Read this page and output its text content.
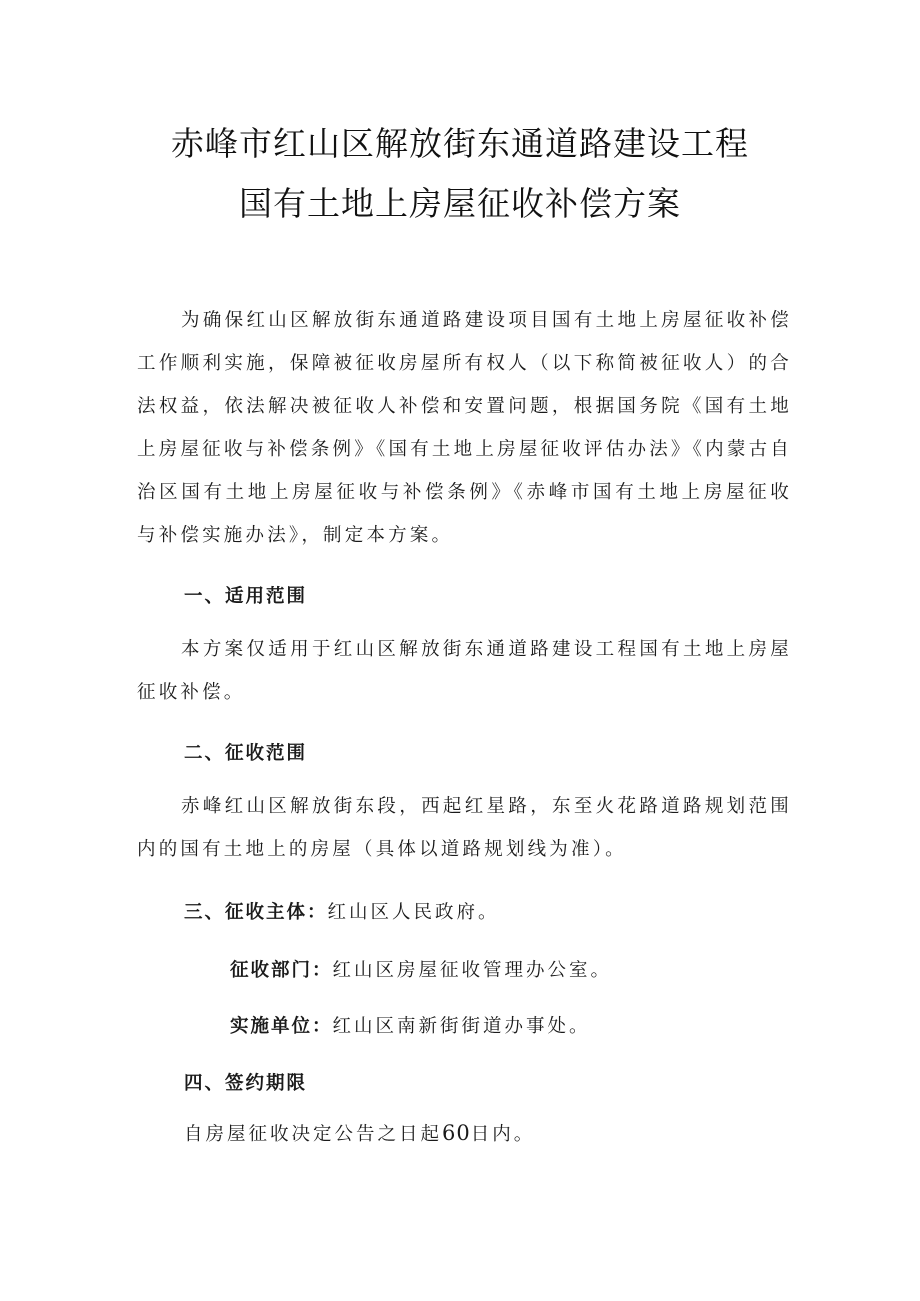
赤峰市红山区解放街东通道路建设工程
国有土地上房屋征收补偿方案
为确保红山区解放街东通道路建设项目国有土地上房屋征收补偿工作顺利实施，保障被征收房屋所有权人（以下称简被征收人）的合法权益，依法解决被征收人补偿和安置问题，根据国务院《国有土地上房屋征收与补偿条例》《国有土地上房屋征收评估办法》《内蒙古自治区国有土地上房屋征收与补偿条例》《赤峰市国有土地上房屋征收与补偿实施办法》，制定本方案。
一、适用范围
本方案仅适用于红山区解放街东通道路建设工程国有土地上房屋征收补偿。
二、征收范围
赤峰红山区解放街东段，西起红星路，东至火花路道路规划范围内的国有土地上的房屋（具体以道路规划线为准）。
三、征收主体：红山区人民政府。
征收部门：红山区房屋征收管理办公室。
实施单位：红山区南新街街道办事处。
四、签约期限
自房屋征收决定公告之日起60日内。
